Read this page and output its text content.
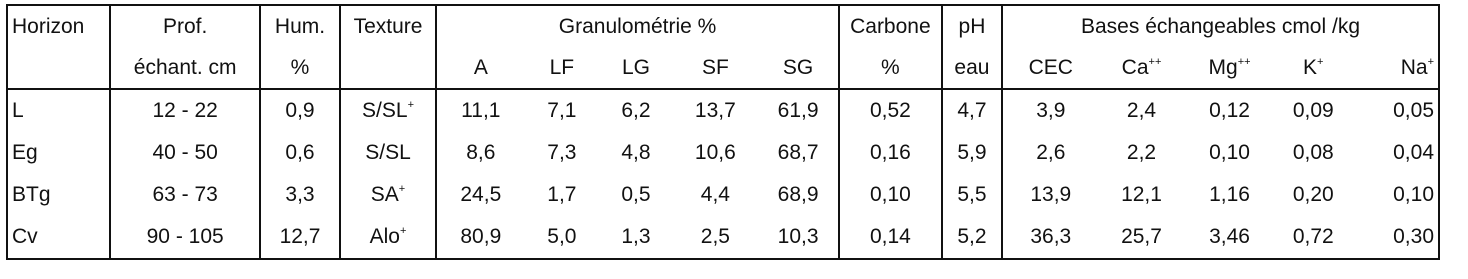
Horizon	Prof.	Hum.	Texture	Granulométrie %					Carbone	pH	Bases échangeables cmol /kg				
	échant. cm	%		A	LF	LG	SF	SG	%	eau	CEC	Ca++	Mg++	K+	Na+
L	12 - 22	0,9	S/SL+	11,1	7,1	6,2	13,7	61,9	0,52	4,7	3,9	2,4	0,12	0,09	0,05
Eg	40 - 50	0,6	S/SL	8,6	7,3	4,8	10,6	68,7	0,16	5,9	2,6	2,2	0,10	0,08	0,04
BTg	63 - 73	3,3	SA+	24,5	1,7	0,5	4,4	68,9	0,10	5,5	13,9	12,1	1,16	0,20	0,10
Cv	90 - 105	12,7	Alo+	80,9	5,0	1,3	2,5	10,3	0,14	5,2	36,3	25,7	3,46	0,72	0,30
